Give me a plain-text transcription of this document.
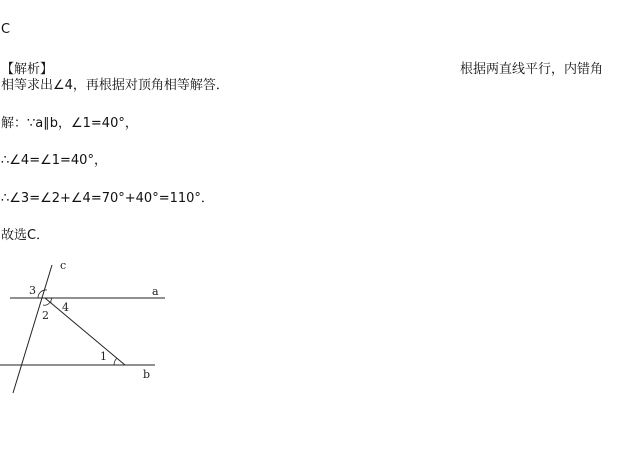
C
【解析】	根据两直线平行，内错角
相等求出∠4，再根据对顶角相等解答．
解：∵a∥b，∠1=40°，
∴∠4=∠1=40°，
∴∠3=∠2+∠4=70°+40°=110°．
故选C．
c
a
b
3
4
2
1
